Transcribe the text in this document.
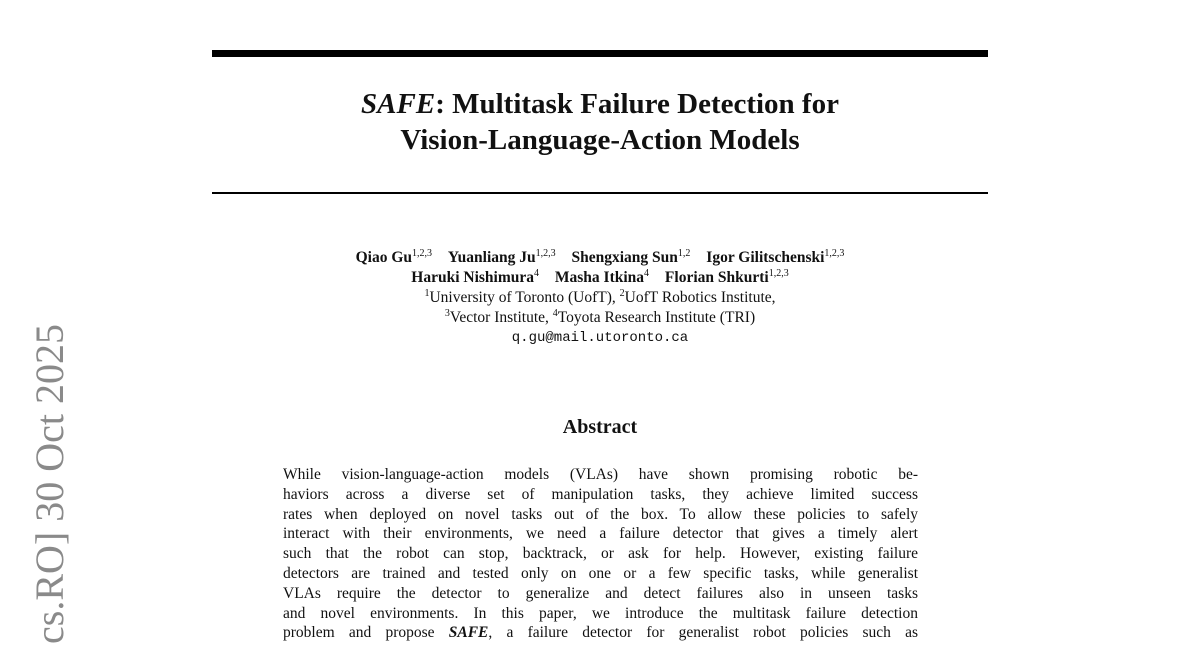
SAFE: Multitask Failure Detection for
Vision-Language-Action Models
Qiao Gu$^{1,2,3}$ Yuanliang Ju$^{1,2,3}$ Shengxiang Sun$^{1,2}$ Igor Gilitschenski$^{1,2,3}$
Haruki Nishimura$^4$ Masha Itkina$^4$ Florian Shkurti$^{1,2,3}$
$^1$University of Toronto (UofT), $^2$UofT Robotics Institute,
$^3$Vector Institute, $^4$Toyota Research Institute (TRI)
q.gu@mail.utoronto.ca
Abstract
While vision-language-action models (VLAs) have shown promising robotic be-
haviors across a diverse set of manipulation tasks, they achieve limited success
rates when deployed on novel tasks out of the box. To allow these policies to safely
interact with their environments, we need a failure detector that gives a timely alert
such that the robot can stop, backtrack, or ask for help. However, existing failure
detectors are trained and tested only on one or a few specific tasks, while generalist
VLAs require the detector to generalize and detect failures also in unseen tasks
and novel environments. In this paper, we introduce the multitask failure detection
problem and propose SAFE, a failure detector for generalist robot policies such as
cs.RO] 30 Oct 2025
